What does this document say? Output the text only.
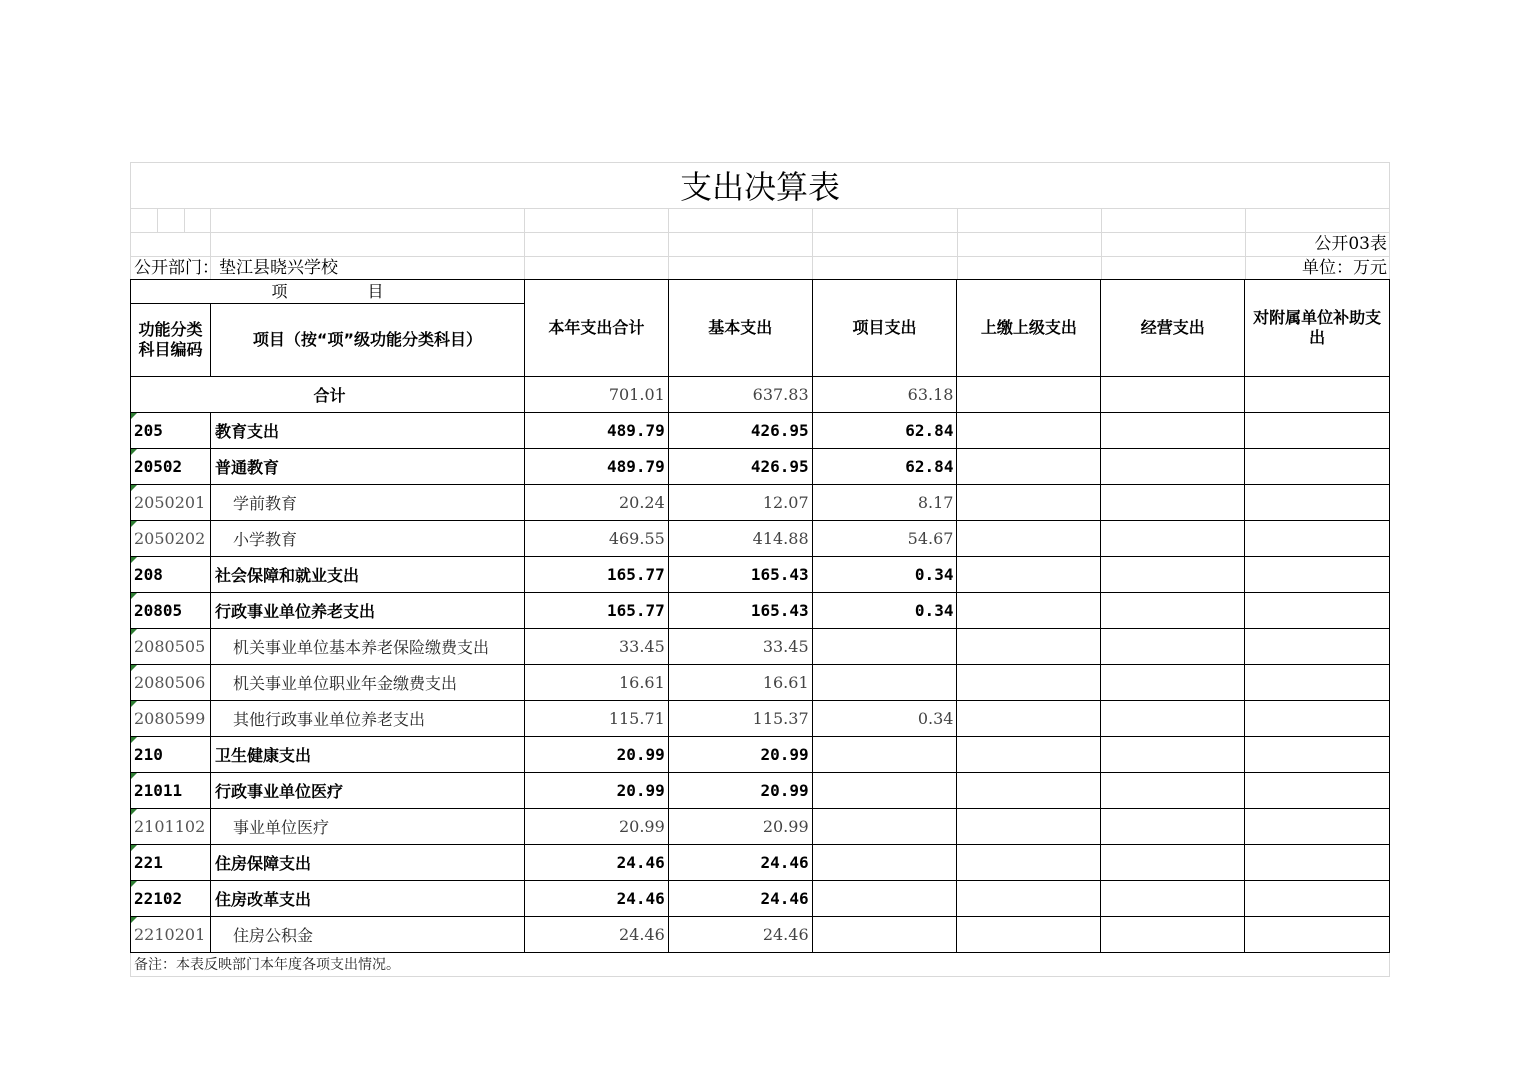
支出决算表
公开03表
公开部门：垫江县晓兴学校	单位：万元
项　　　　　目		本年支出合计	基本支出	项目支出	上缴上级支出	经营支出	对附属单位补助支出
功能分类科目编码	项目（按“项”级功能分类科目）						
合计		701.01	637.83	63.18			

205	教育支出	489.79	426.95	62.84			

20502	普通教育	489.79	426.95	62.84			

2050201	学前教育	20.24	12.07	8.17			

2050202	小学教育	469.55	414.88	54.67			

208	社会保障和就业支出	165.77	165.43	0.34			

20805	行政事业单位养老支出	165.77	165.43	0.34			

2080505	机关事业单位基本养老保险缴费支出	33.45	33.45				

2080506	机关事业单位职业年金缴费支出	16.61	16.61				

2080599	其他行政事业单位养老支出	115.71	115.37	0.34			

210	卫生健康支出	20.99	20.99				

21011	行政事业单位医疗	20.99	20.99				

2101102	事业单位医疗	20.99	20.99				

221	住房保障支出	24.46	24.46				

22102	住房改革支出	24.46	24.46				

2210201	住房公积金	24.46	24.46				
备注：本表反映部门本年度各项支出情况。
